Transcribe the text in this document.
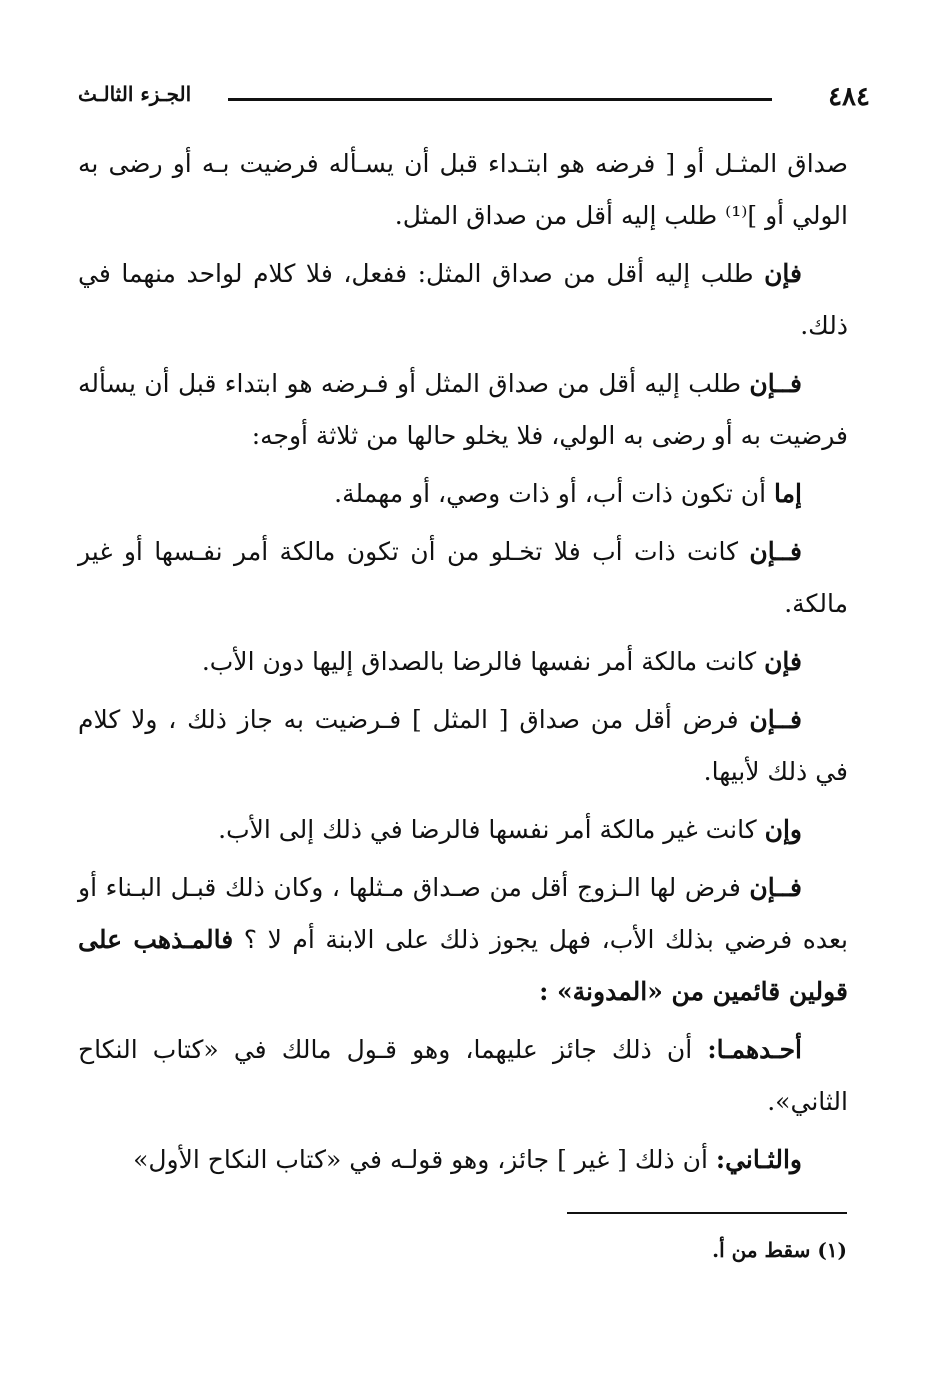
٤٨٤
الجـزء الثالـث

صداق المثـل أو [ فرضه هو ابتـداء قبل أن يسـأله فرضيت بـه أو رضى به الولي أو ]⁽¹⁾ طلب إليه أقل من صداق المثل.

فإن طلب إليه أقل من صداق المثل: ففعل، فلا كلام لواحد منهما في ذلك.

فــإن طلب إليه أقل من صداق المثل أو فـرضه هو ابتداء قبل أن يسأله فرضيت به أو رضى به الولي، فلا يخلو حالها من ثلاثة أوجه:

إما أن تكون ذات أب، أو ذات وصي، أو مهملة.

فــإن كانت ذات أب فلا تخـلو من أن تكون مالكة أمر نفـسها أو غير مالكة.

فإن كانت مالكة أمر نفسها فالرضا بالصداق إليها دون الأب.

فــإن فرض أقل من صداق [ المثل ] فـرضيت به جاز ذلك ، ولا كلام في ذلك لأبيها.

وإن كانت غير مالكة أمر نفسها فالرضا في ذلك إلى الأب.

فــإن فرض لها الـزوج أقل من صـداق مـثلها ، وكان ذلك قبـل البـناء أو بعده فرضي بذلك الأب، فهل يجوز ذلك على الابنة أم لا ؟ فالمـذهب على قولين قائمين من «المدونة» :

أحـدهمـا: أن ذلك جائز عليهما، وهو قـول مالك في «كتاب النكاح الثاني».

والثـاني: أن ذلك [ غير ] جائز، وهو قولـه في «كتاب النكاح الأول»

(١) سقط من أ.
